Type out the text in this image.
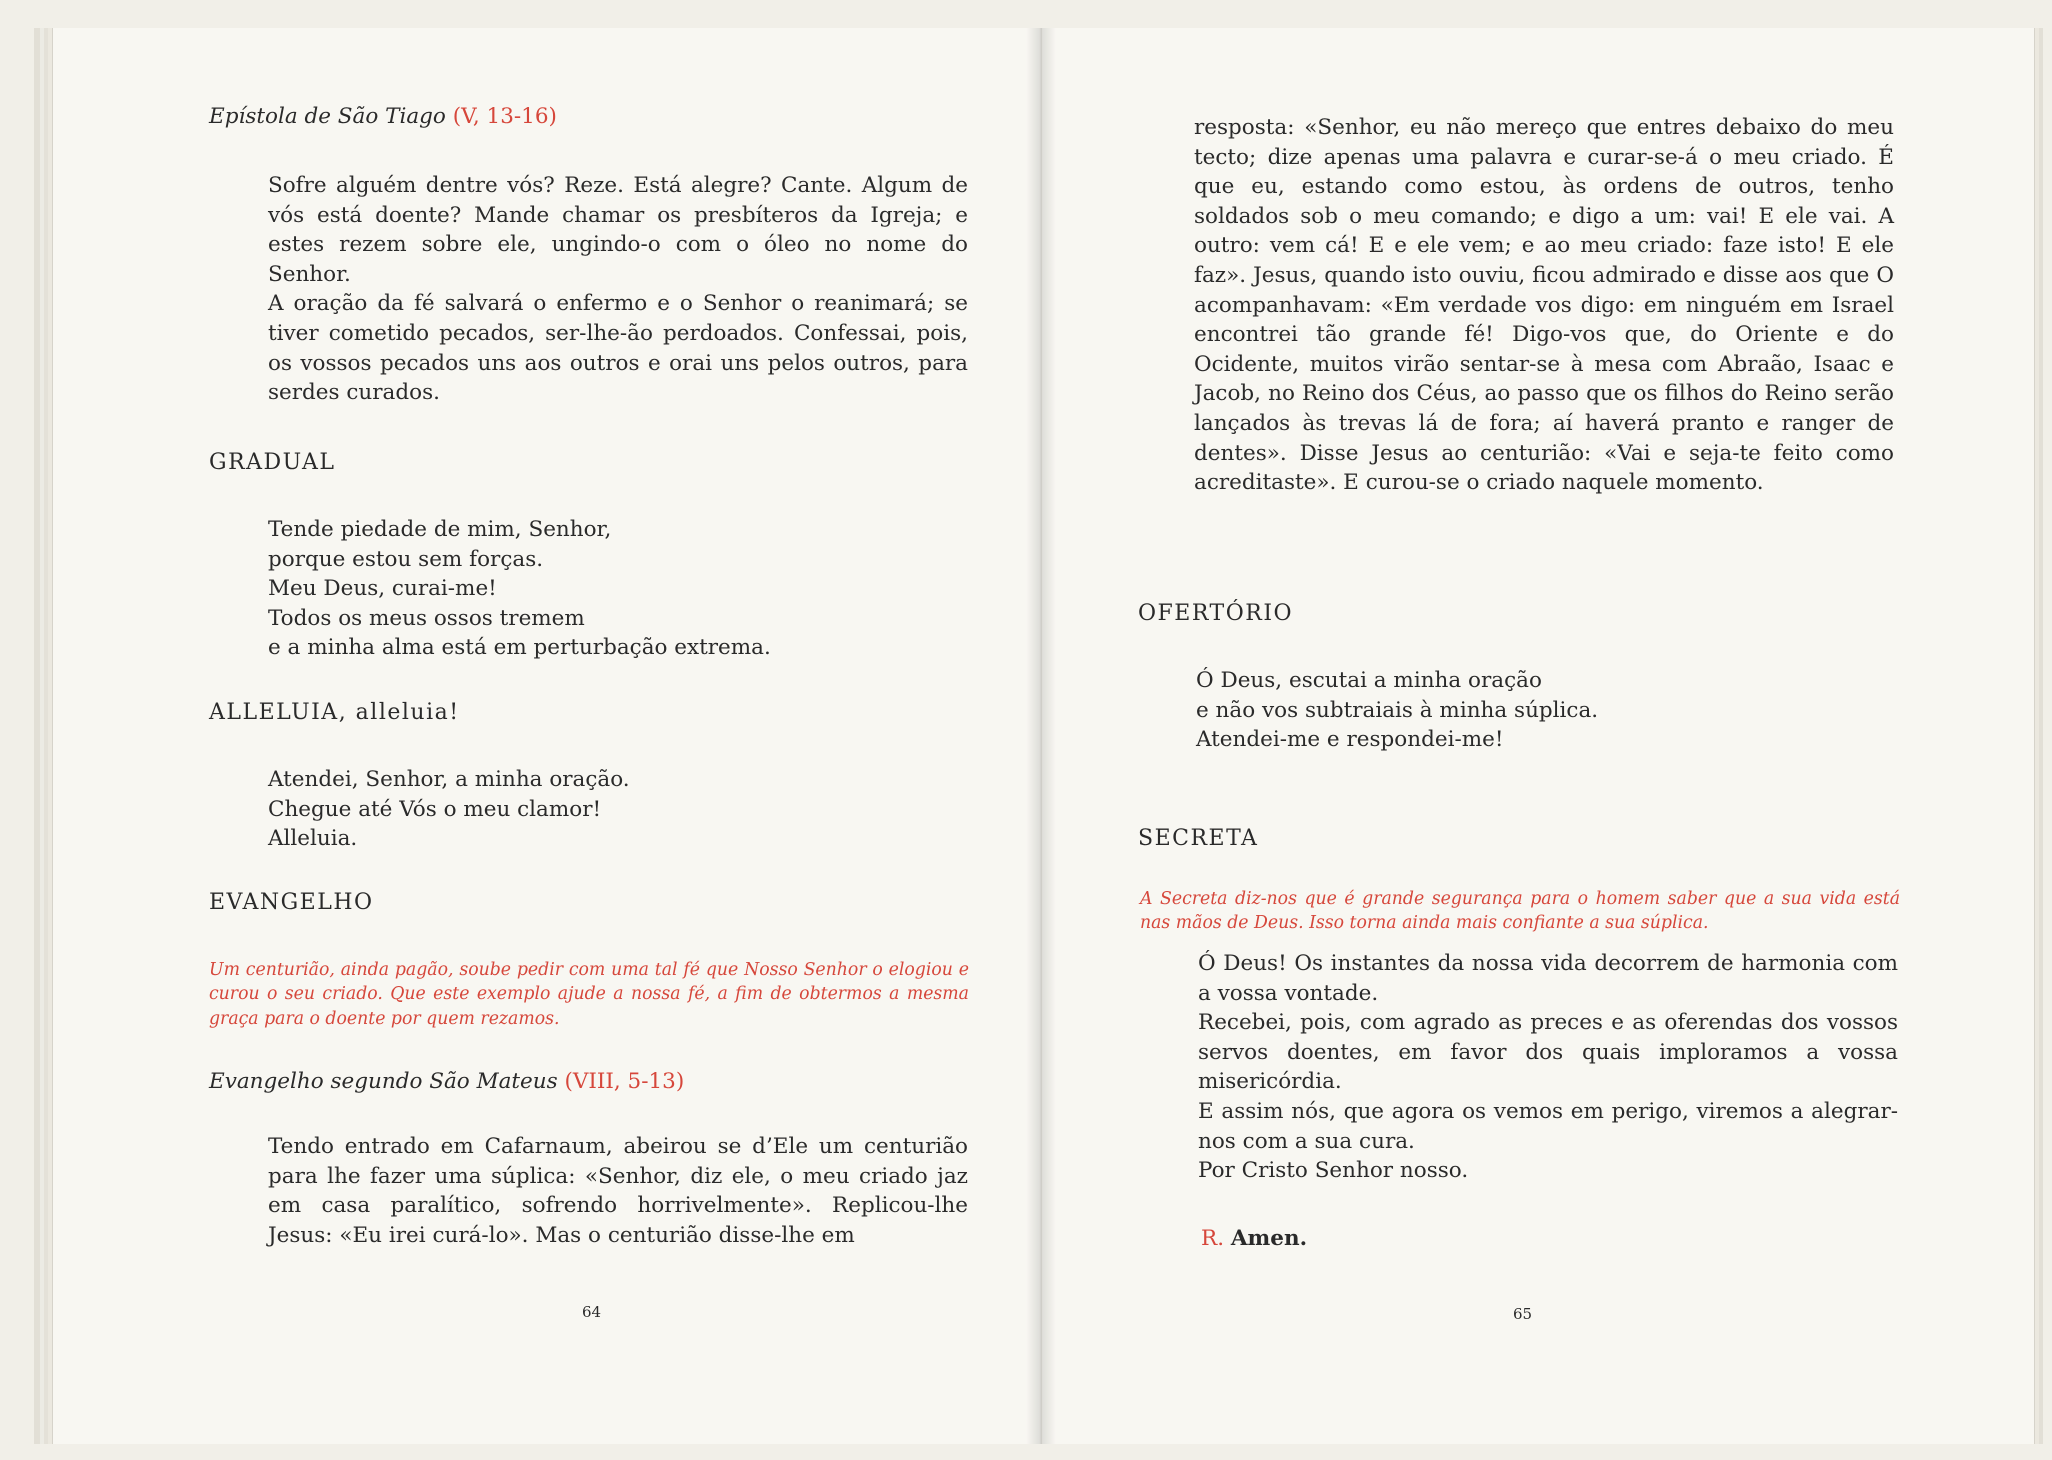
Epístola de São Tiago (V, 13-16)

Sofre alguém dentre vós? Reze. Está alegre? Cante. Algum de vós está doente? Mande chamar os presbíteros da Igreja; e estes rezem sobre ele, ungindo-o com o óleo no nome do Senhor.

A oração da fé salvará o enfermo e o Senhor o reanimará; se tiver cometido pecados, ser-lhe-ão perdoados. Confessai, pois, os vossos pecados uns aos outros e orai uns pelos outros, para serdes curados.

GRADUAL
Tende piedade de mim, Senhor,
porque estou sem forças.
Meu Deus, curai-me!
Todos os meus ossos tremem
e a minha alma está em perturbação extrema.
ALLELUIA, alleluia!
Atendei, Senhor, a minha oração.
Chegue até Vós o meu clamor!
Alleluia.
EVANGELHO
Um centurião, ainda pagão, soube pedir com uma tal fé que Nosso Senhor o elogiou e curou o seu criado. Que este exemplo ajude a nossa fé, a fim de obtermos a mesma graça para o doente por quem rezamos.
Evangelho segundo São Mateus (VIII, 5-13)
Tendo entrado em Cafarnaum, abeirou se d’Ele um centurião para lhe fazer uma súplica: «Senhor, diz ele, o meu criado jaz em casa paralítico, sofrendo horrivelmente». Replicou-lhe Jesus: «Eu irei curá-lo». Mas o centurião disse-lhe em
64
resposta: «Senhor, eu não mereço que entres debaixo do meu tecto; dize apenas uma palavra e curar-se-á o meu criado. É que eu, estando como estou, às ordens de outros, tenho soldados sob o meu comando; e digo a um: vai! E ele vai. A outro: vem cá! E e ele vem; e ao meu criado: faze isto! E ele faz». Jesus, quando isto ouviu, ficou admirado e disse aos que O acompanhavam: «Em verdade vos digo: em ninguém em Israel encontrei tão grande fé! Digo-vos que, do Oriente e do Ocidente, muitos virão sentar-se à mesa com Abraão, Isaac e Jacob, no Reino dos Céus, ao passo que os filhos do Reino serão lançados às trevas lá de fora; aí haverá pranto e ranger de dentes». Disse Jesus ao centurião: «Vai e seja-te feito como acreditaste». E curou-se o criado naquele momento.
OFERTÓRIO
Ó Deus, escutai a minha oração
e não vos subtraiais à minha súplica.
Atendei-me e respondei-me!
SECRETA
A Secreta diz-nos que é grande segurança para o homem saber que a sua vida está nas mãos de Deus. Isso torna ainda mais confiante a sua súplica.

Ó Deus! Os instantes da nossa vida decorrem de harmonia com a vossa vontade.

Recebei, pois, com agrado as preces e as oferendas dos vossos servos doentes, em favor dos quais imploramos a vossa misericórdia.

E assim nós, que agora os vemos em perigo, viremos a alegrar-nos com a sua cura.

Por Cristo Senhor nosso.

R. Amen.
65
